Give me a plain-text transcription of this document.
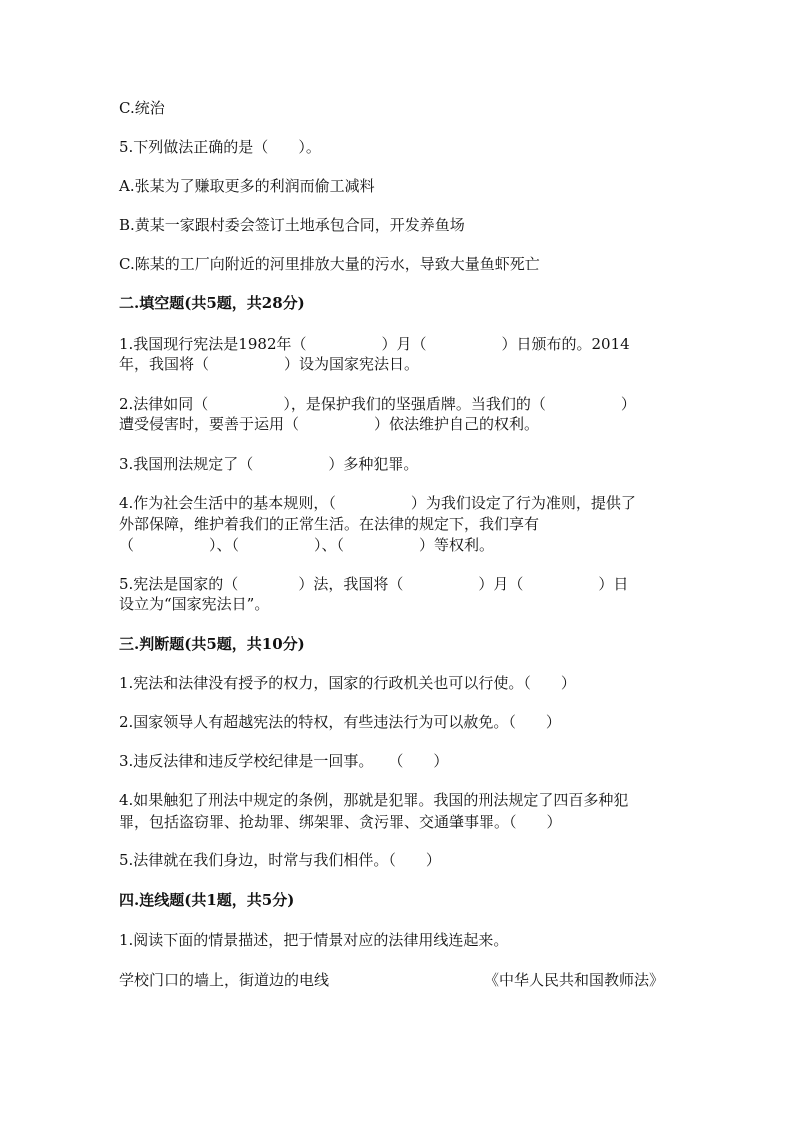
C.统治
5.下列做法正确的是（　　）。
A.张某为了赚取更多的利润而偷工减料
B.黄某一家跟村委会签订土地承包合同，开发养鱼场
C.陈某的工厂向附近的河里排放大量的污水，导致大量鱼虾死亡
二.填空题(共5题，共28分)
1.我国现行宪法是1982年（　　　　　）月（　　　　　）日颁布的。2014
年，我国将（　　　　　）设为国家宪法日。
2.法律如同（　　　　　），是保护我们的坚强盾牌。当我们的（　　　　　）
遭受侵害时，要善于运用（　　　　　）依法维护自己的权利。
3.我国刑法规定了（　　　　　）多种犯罪。
4.作为社会生活中的基本规则，（　　　　　）为我们设定了行为准则，提供了
外部保障，维护着我们的正常生活。在法律的规定下，我们享有
（　　　　　）、（　　　　　）、（　　　　　）等权利。
5.宪法是国家的（　　　　）法，我国将（　　　　　）月（　　　　　）日
设立为“国家宪法日”。
三.判断题(共5题，共10分)
1.宪法和法律没有授予的权力，国家的行政机关也可以行使。（　　）
2.国家领导人有超越宪法的特权，有些违法行为可以赦免。（　　）
3.违反法律和违反学校纪律是一回事。　　（　　）
4.如果触犯了刑法中规定的条例，那就是犯罪。我国的刑法规定了四百多种犯
罪，包括盗窃罪、抢劫罪、绑架罪、贪污罪、交通肇事罪。（　　）
5.法律就在我们身边，时常与我们相伴。（　　）
四.连线题(共1题，共5分)
1.阅读下面的情景描述，把于情景对应的法律用线连起来。
学校门口的墙上，街道边的电线	《中华人民共和国教师法》
